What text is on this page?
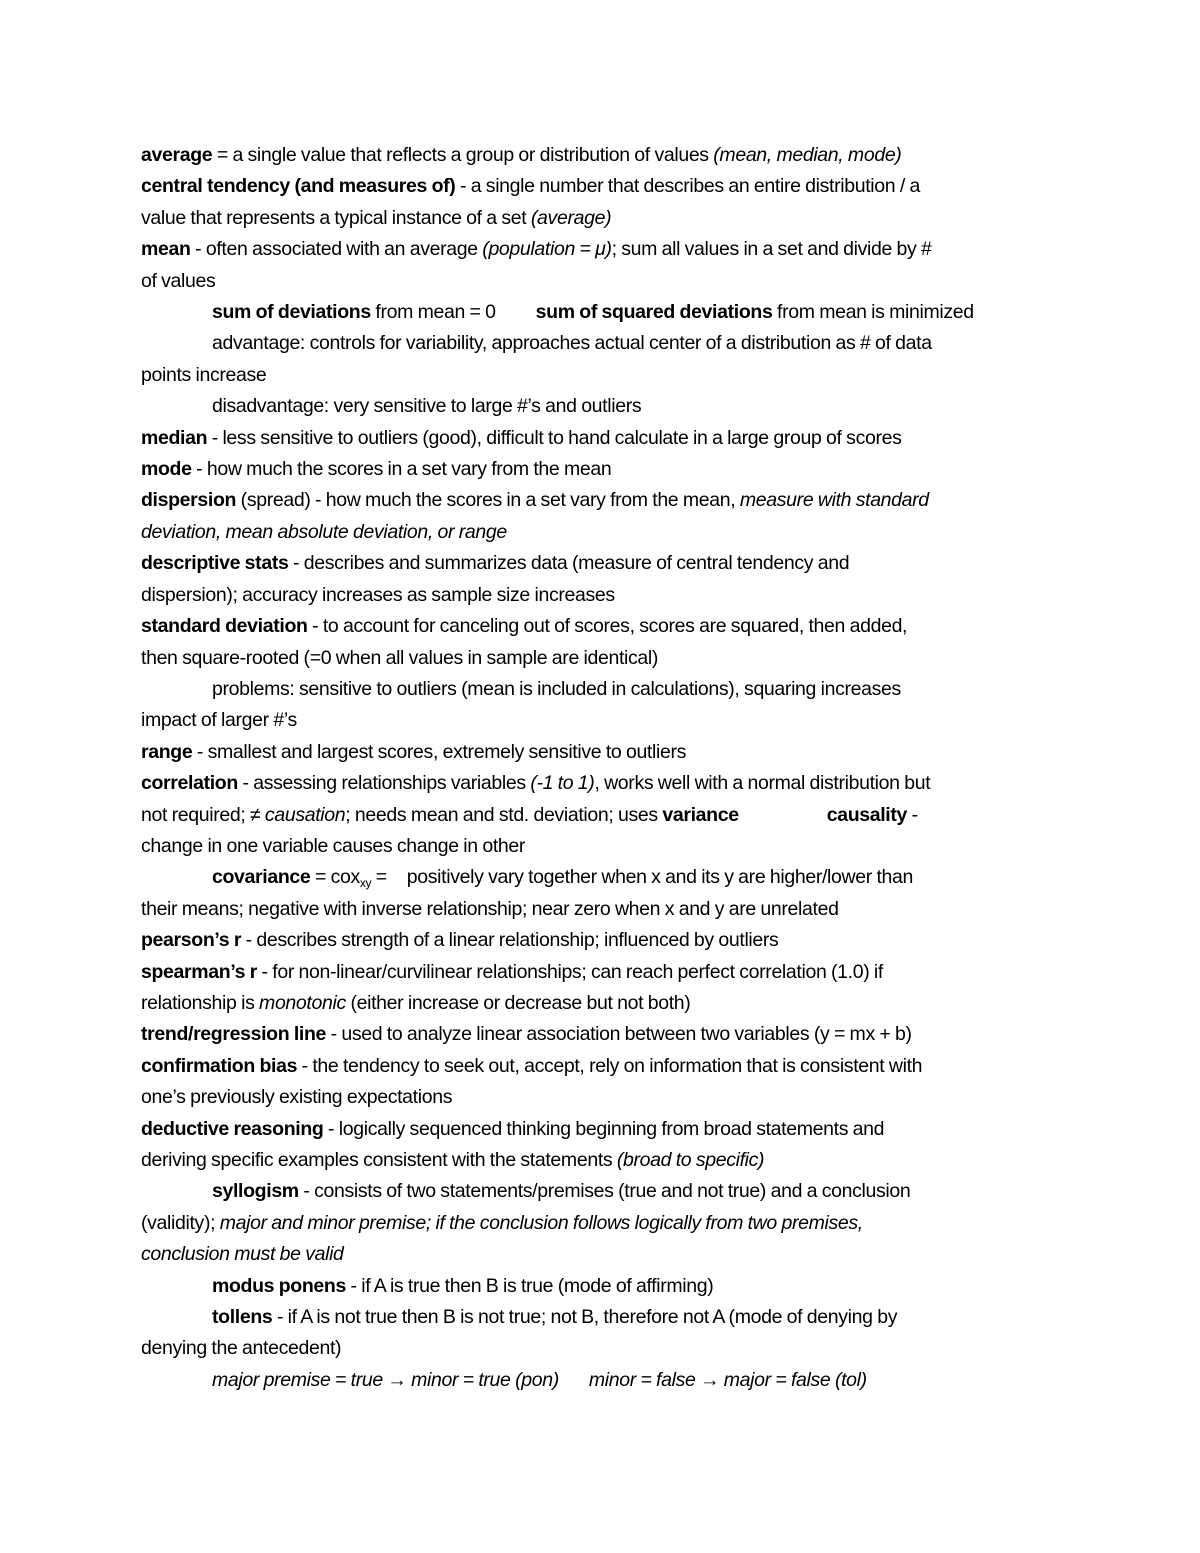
average = a single value that reflects a group or distribution of values (mean, median, mode)
central tendency (and measures of) - a single number that describes an entire distribution / a
value that represents a typical instance of a set (average)
mean - often associated with an average (population = μ); sum all values in a set and divide by #
of values
sum of deviations from mean = 0 sum of squared deviations from mean is minimized
advantage: controls for variability, approaches actual center of a distribution as # of data
points increase
disadvantage: very sensitive to large #’s and outliers
median - less sensitive to outliers (good), difficult to hand calculate in a large group of scores
mode - how much the scores in a set vary from the mean
dispersion (spread) - how much the scores in a set vary from the mean, measure with standard
deviation, mean absolute deviation, or range
descriptive stats - describes and summarizes data (measure of central tendency and
dispersion); accuracy increases as sample size increases
standard deviation - to account for canceling out of scores, scores are squared, then added,
then square-rooted (=0 when all values in sample are identical)
problems: sensitive to outliers (mean is included in calculations), squaring increases
impact of larger #’s
range - smallest and largest scores, extremely sensitive to outliers
correlation - assessing relationships variables (-1 to 1), works well with a normal distribution but
not required; ≠ causation; needs mean and std. deviation; uses variance	causality -
change in one variable causes change in other
covariance = cox$_{xy}$ = positively vary together when x and its y are higher/lower than
their means; negative with inverse relationship; near zero when x and y are unrelated
pearson’s r - describes strength of a linear relationship; influenced by outliers
spearman’s r - for non-linear/curvilinear relationships; can reach perfect correlation (1.0) if
relationship is monotonic (either increase or decrease but not both)
trend/regression line - used to analyze linear association between two variables (y = mx + b)
confirmation bias - the tendency to seek out, accept, rely on information that is consistent with
one’s previously existing expectations
deductive reasoning - logically sequenced thinking beginning from broad statements and
deriving specific examples consistent with the statements (broad to specific)
syllogism - consists of two statements/premises (true and not true) and a conclusion
(validity); major and minor premise; if the conclusion follows logically from two premises,
conclusion must be valid
modus ponens - if A is true then B is true (mode of affirming)
tollens - if A is not true then B is not true; not B, therefore not A (mode of denying by
denying the antecedent)
major premise = true → minor = true (pon) minor = false → major = false (tol)
